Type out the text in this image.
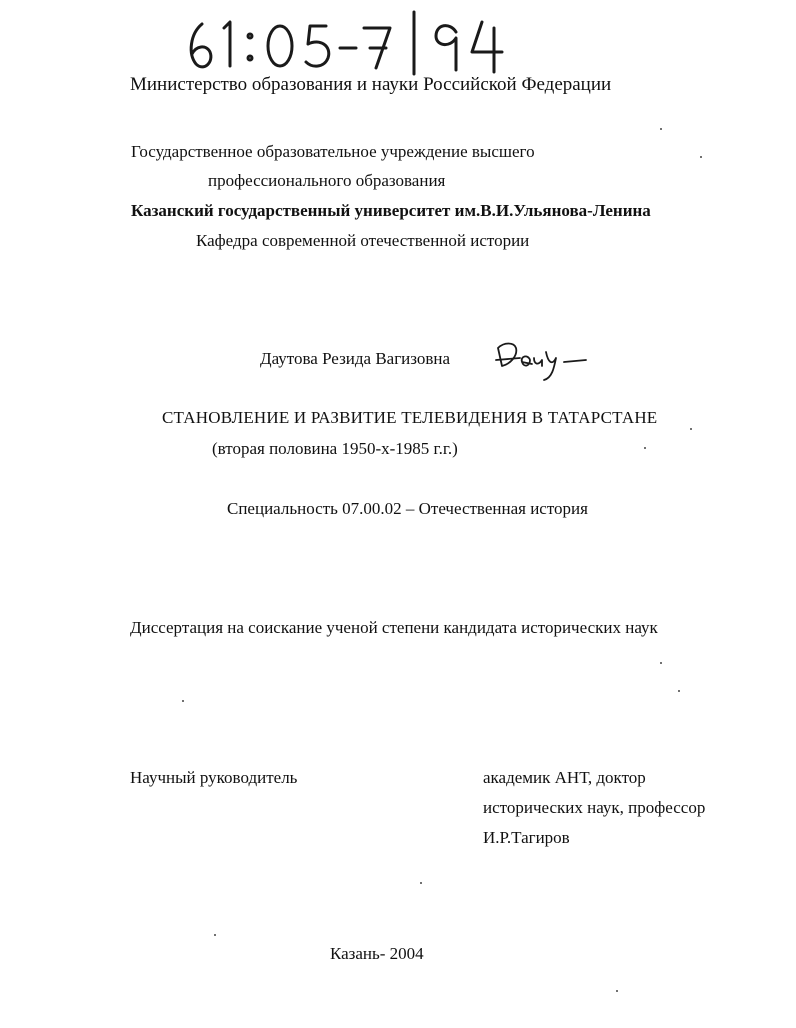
Министерство образования и науки Российской Федерации
Государственное образовательное учреждение высшего
профессионального образования
Казанский государственный университет им.В.И.Ульянова-Ленина
Кафедра современной отечественной истории
Даутова Резида Вагизовна
СТАНОВЛЕНИЕ И РАЗВИТИЕ ТЕЛЕВИДЕНИЯ В ТАТАРСТАНЕ
(вторая половина 1950-х-1985 г.г.)
Специальность 07.00.02 – Отечественная история
Диссертация на соискание ученой степени кандидата исторических наук
Научный руководитель	академик АНТ, доктор
исторических наук, профессор
И.Р.Тагиров
Казань- 2004
